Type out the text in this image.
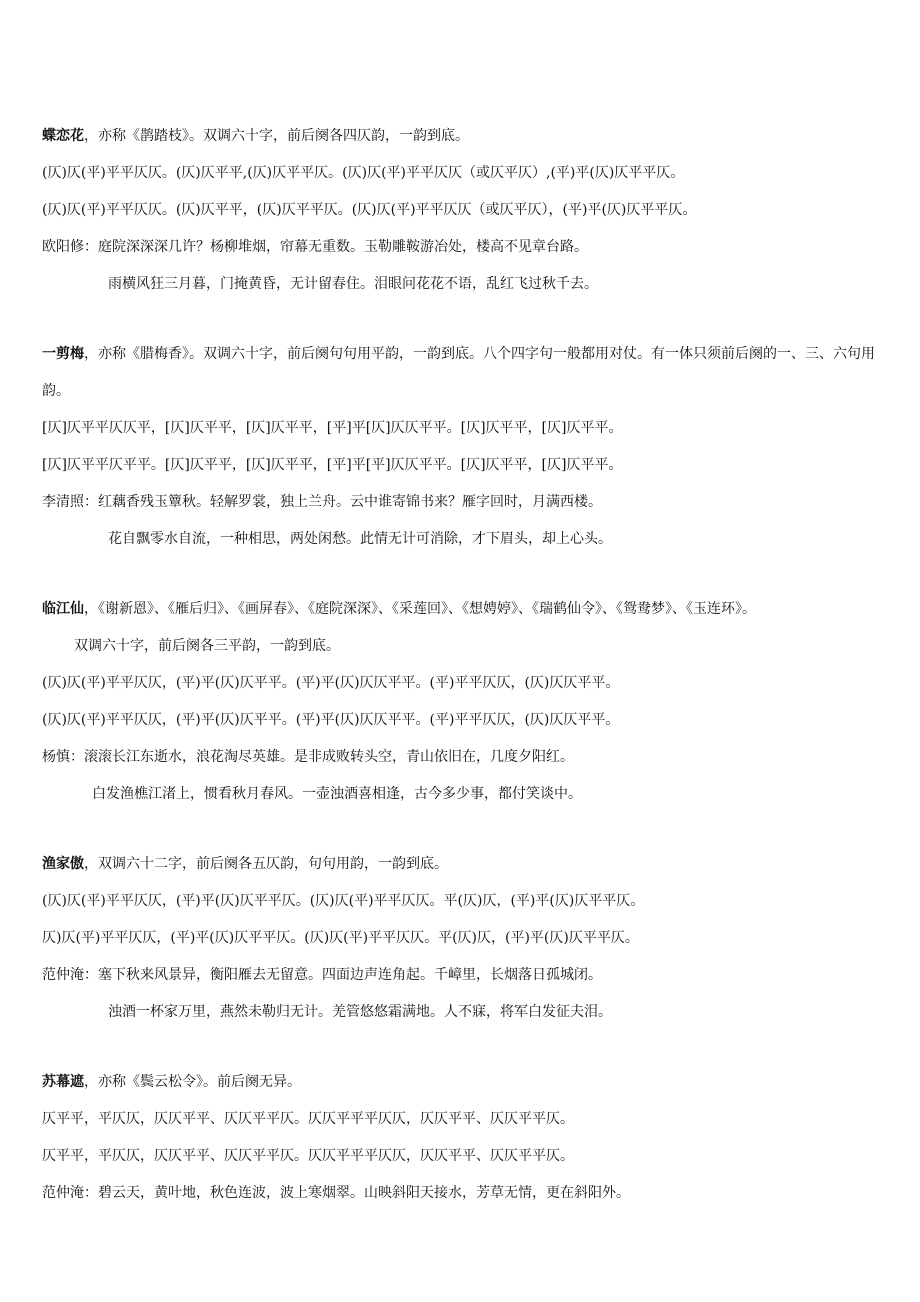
蝶恋花，亦称《鹊踏枝》。双调六十字，前后阕各四仄韵，一韵到底。
(仄)仄(平)平平仄仄。(仄)仄平平,(仄)仄平平仄。(仄)仄(平)平平仄仄（或仄平仄）,(平)平(仄)仄平平仄。
(仄)仄(平)平平仄仄。(仄)仄平平，(仄)仄平平仄。(仄)仄(平)平平仄仄（或仄平仄），(平)平(仄)仄平平仄。
欧阳修：庭院深深深几许？杨柳堆烟，帘幕无重数。玉勒雕鞍游冶处，楼高不见章台路。
雨横风狂三月暮，门掩黄昏，无计留春住。泪眼问花花不语，乱红飞过秋千去。
一剪梅，亦称《腊梅香》。双调六十字，前后阕句句用平韵，一韵到底。八个四字句一般都用对仗。有一体只须前后阕的一、三、六句用韵。
[仄]仄平平仄仄平，[仄]仄平平，[仄]仄平平，[平]平[仄]仄仄平平。[仄]仄平平，[仄]仄平平。
[仄]仄平平仄平平。[仄]仄平平，[仄]仄平平，[平]平[平]仄仄平平。[仄]仄平平，[仄]仄平平。
李清照：红藕香残玉簟秋。轻解罗裳，独上兰舟。云中谁寄锦书来？雁字回时，月满西楼。
花自飘零水自流，一种相思，两处闲愁。此情无计可消除，才下眉头，却上心头。
临江仙，《谢新恩》、《雁后归》、《画屏春》、《庭院深深》、《采莲回》、《想娉婷》、《瑞鹤仙令》、《鸳鸯梦》、《玉连环》。
双调六十字，前后阕各三平韵，一韵到底。
(仄)仄(平)平平仄仄，(平)平(仄)仄平平。(平)平(仄)仄仄平平。(平)平平仄仄，(仄)仄仄平平。
(仄)仄(平)平平仄仄，(平)平(仄)仄平平。(平)平(仄)仄仄平平。(平)平平仄仄，(仄)仄仄平平。
杨慎：滚滚长江东逝水，浪花淘尽英雄。是非成败转头空，青山依旧在，几度夕阳红。
白发渔樵江渚上，惯看秋月春风。一壶浊酒喜相逢，古今多少事，都付笑谈中。
渔家傲，双调六十二字，前后阕各五仄韵，句句用韵，一韵到底。
(仄)仄(平)平平仄仄，(平)平(仄)仄平平仄。(仄)仄(平)平平仄仄。平(仄)仄，(平)平(仄)仄平平仄。
仄)仄(平)平平仄仄，(平)平(仄)仄平平仄。(仄)仄(平)平平仄仄。平(仄)仄，(平)平(仄)仄平平仄。
范仲淹：塞下秋来风景异，衡阳雁去无留意。四面边声连角起。千嶂里，长烟落日孤城闭。
浊酒一杯家万里，燕然未勒归无计。羌管悠悠霜满地。人不寐，将军白发征夫泪。
苏幕遮，亦称《鬓云松令》。前后阕无异。
仄平平，平仄仄，仄仄平平、仄仄平平仄。仄仄平平平仄仄，仄仄平平、仄仄平平仄。
仄平平，平仄仄，仄仄平平、仄仄平平仄。仄仄平平平仄仄，仄仄平平、仄仄平平仄。
范仲淹：碧云天，黄叶地，秋色连波，波上寒烟翠。山映斜阳天接水，芳草无情，更在斜阳外。
